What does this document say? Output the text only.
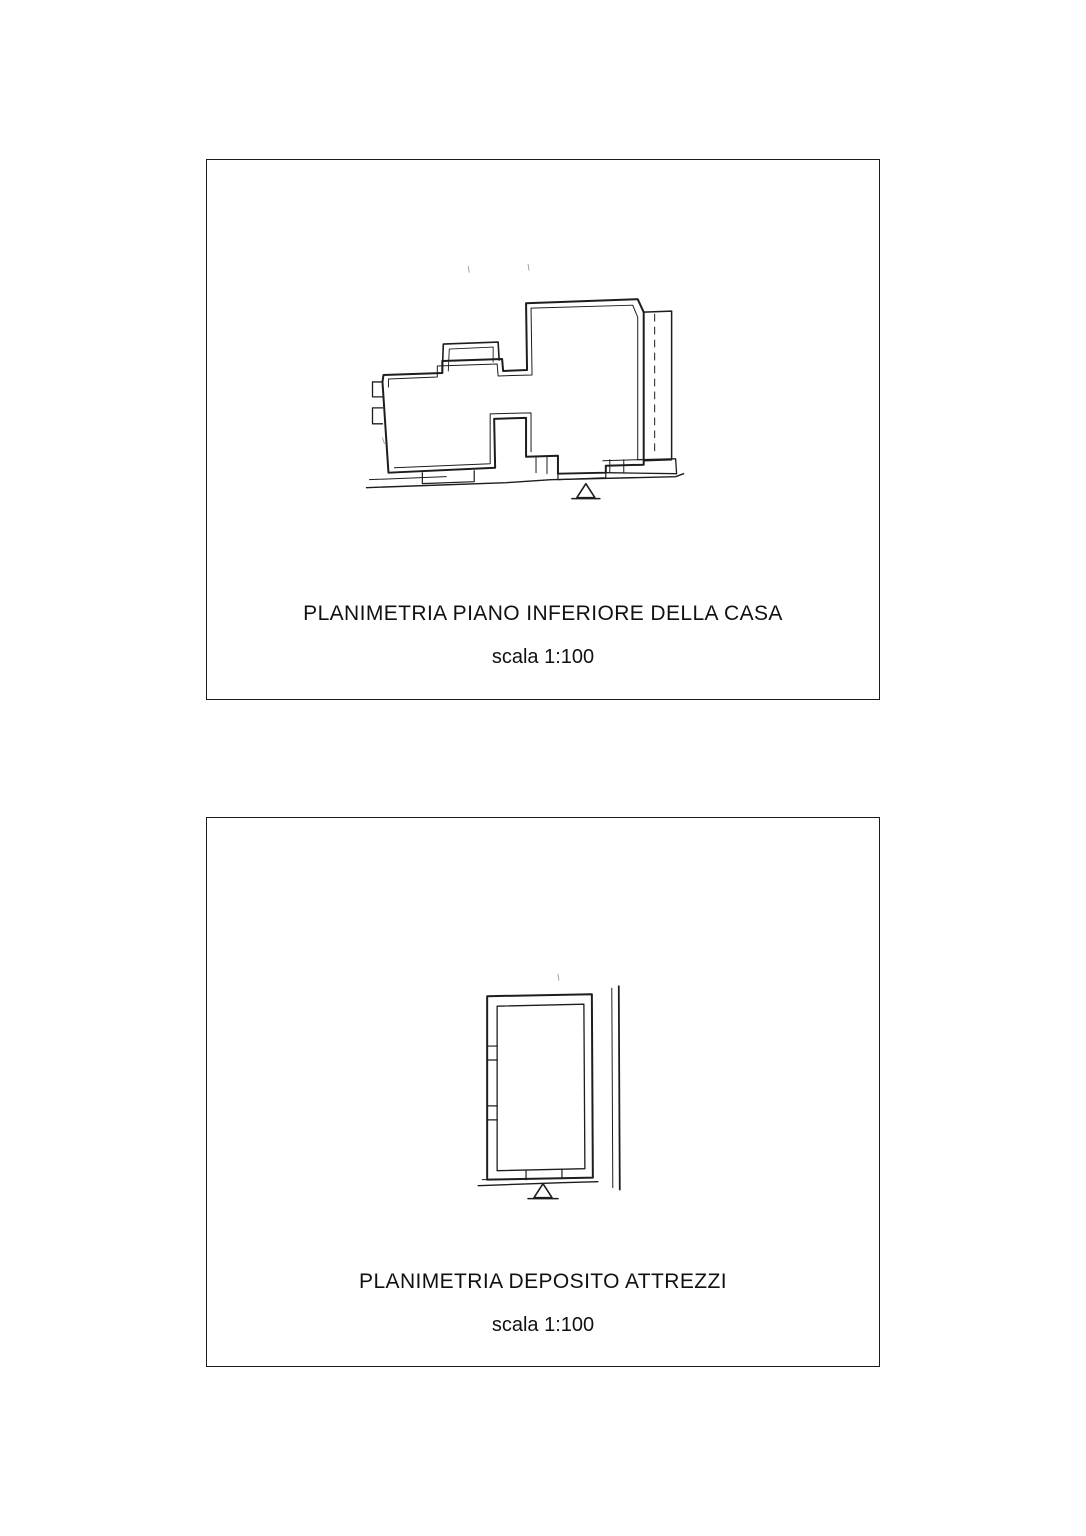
PLANIMETRIA PIANO INFERIORE DELLA CASA
scala 1:100
PLANIMETRIA DEPOSITO ATTREZZI
scala 1:100
